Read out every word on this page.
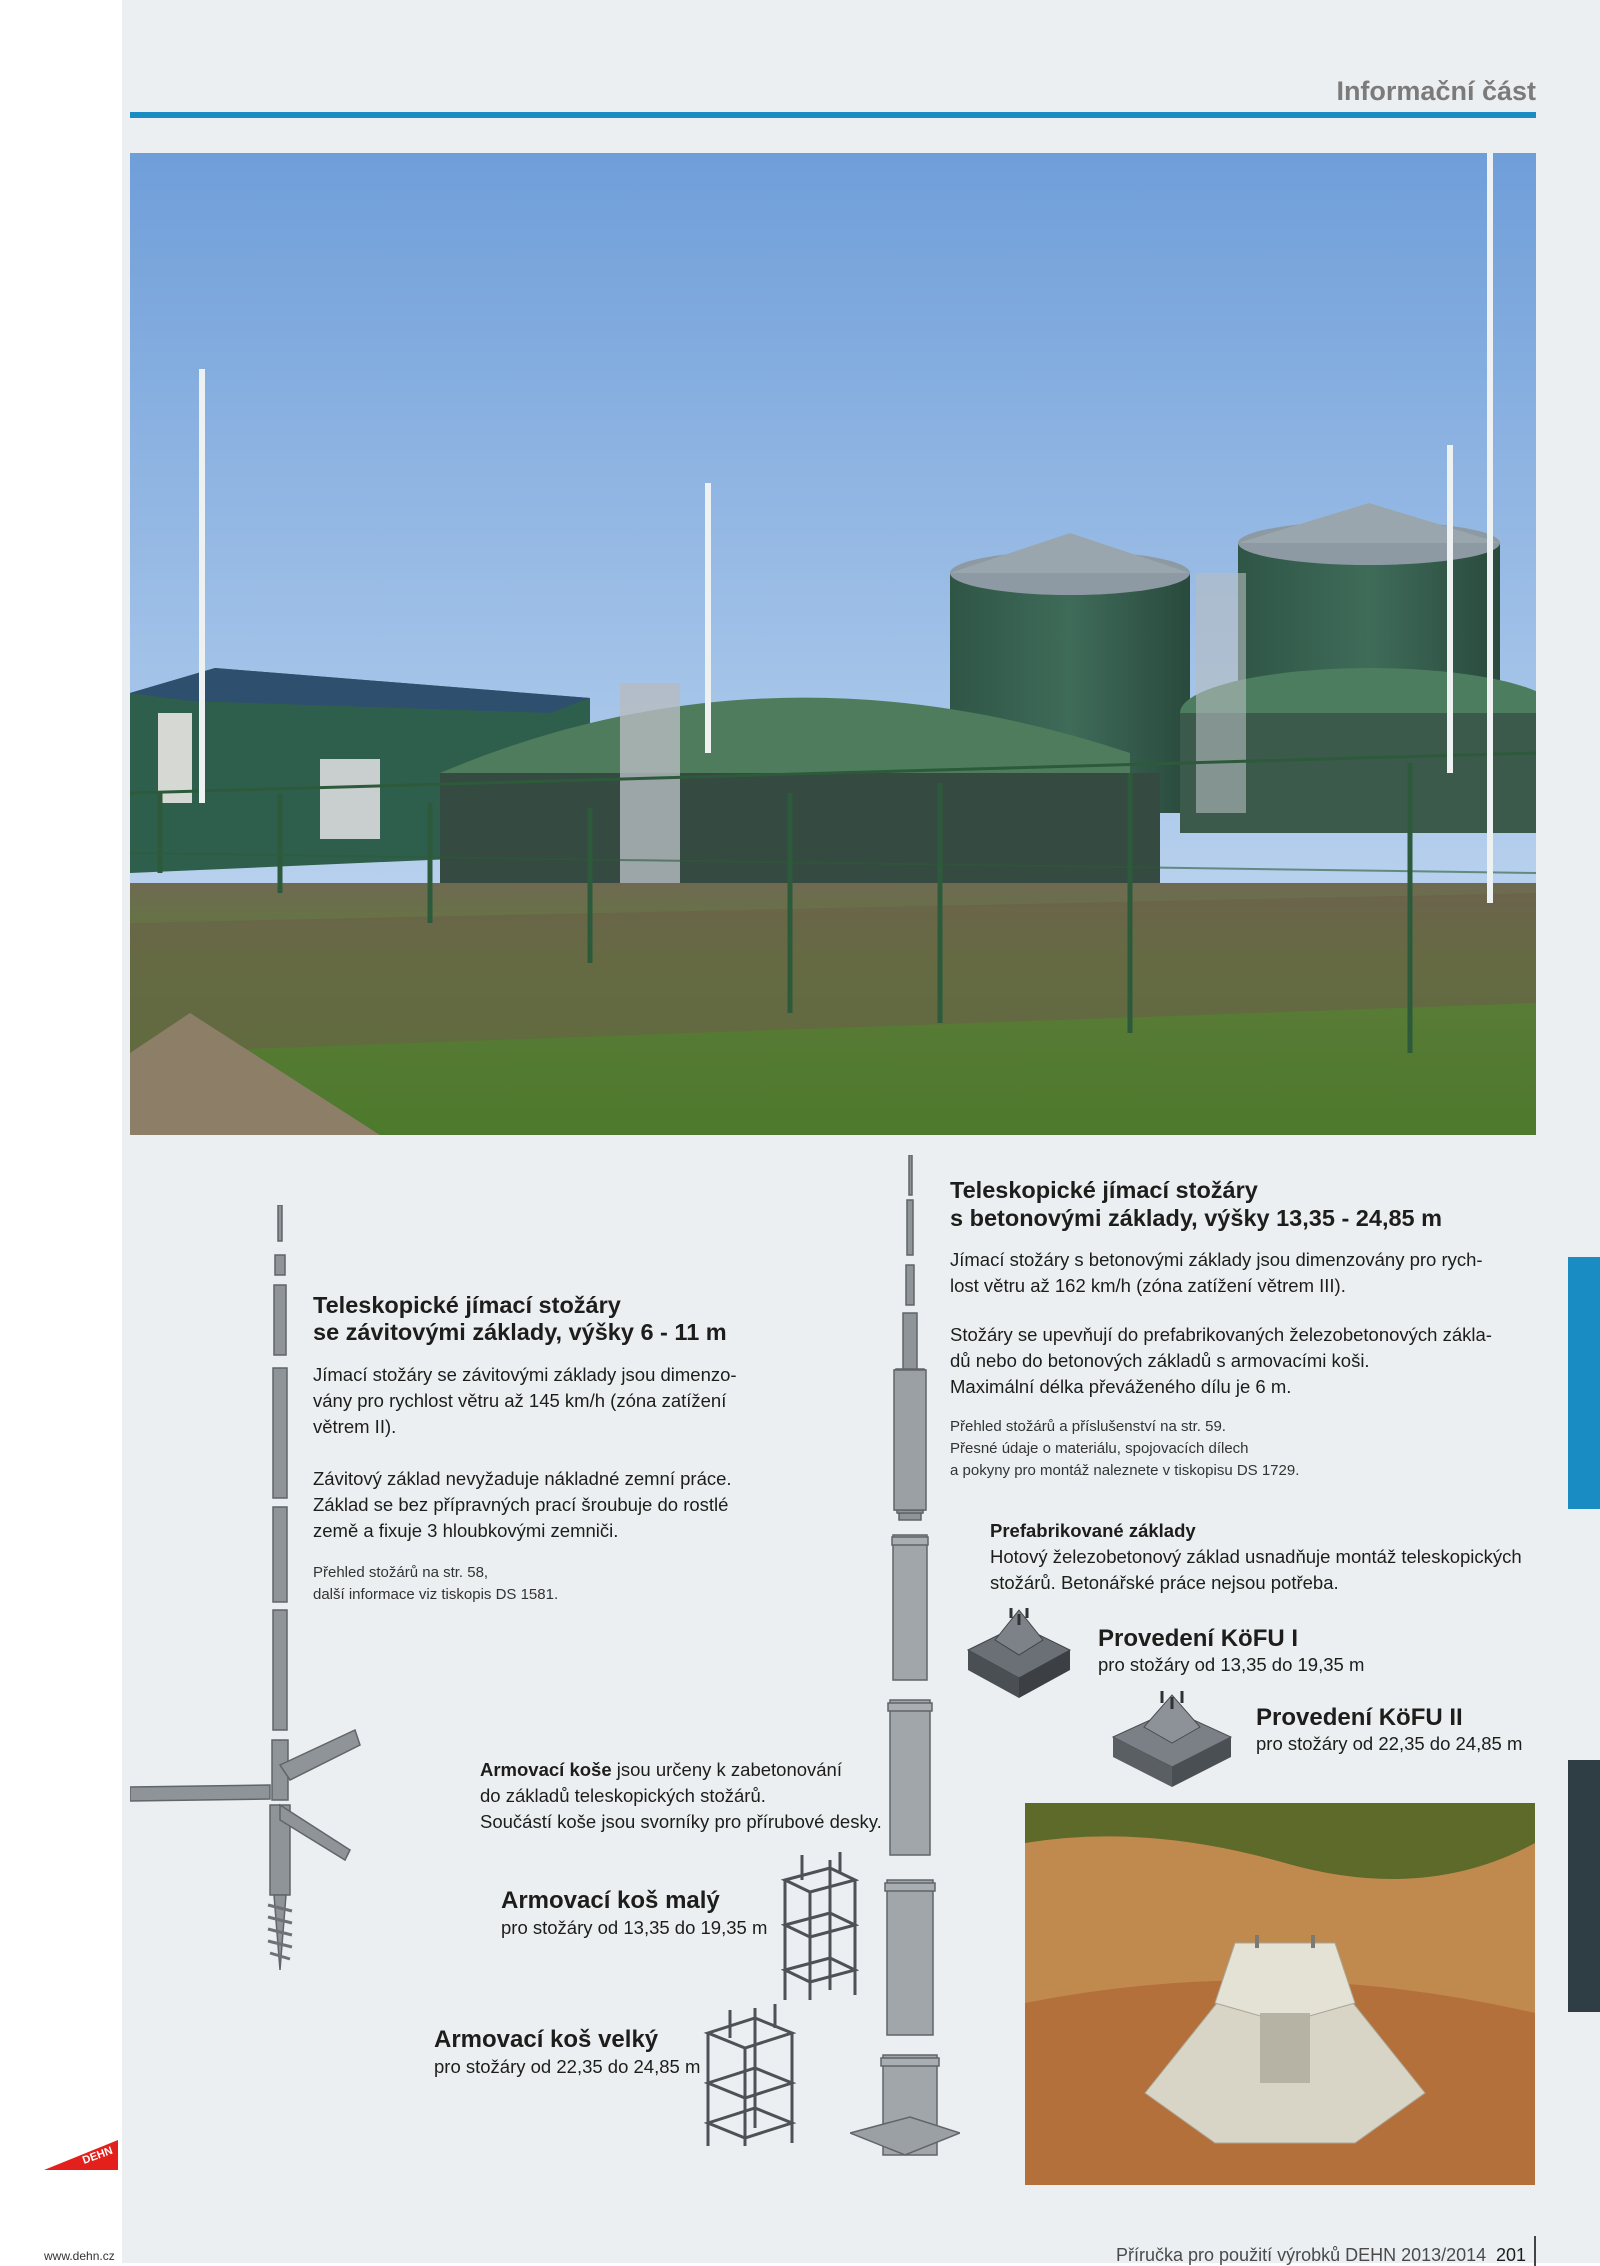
Informační část
Teleskopické jímací stožáry
se závitovými základy, výšky 6 - 11 m
Jímací stožáry se závitovými základy jsou dimenzo-
vány pro rychlost větru až 145 km/h (zóna zatížení
větrem II).
Závitový základ nevyžaduje nákladné zemní práce.
Základ se bez přípravných prací šroubuje do rostlé
země a fixuje 3 hloubkovými zemniči.
Přehled stožárů na str. 58,
další informace viz tiskopis DS 1581.
Teleskopické jímací stožáry
s betonovými základy, výšky 13,35 - 24,85 m
Jímací stožáry s betonovými základy jsou dimenzovány pro rych-
lost větru až 162 km/h (zóna zatížení větrem III).
Stožáry se upevňují do prefabrikovaných železobetonových zákla-
dů nebo do betonových základů s armovacími koši.
Maximální délka převáženého dílu je 6 m.
Přehled stožárů a příslušenství na str. 59.
Přesné údaje o materiálu, spojovacích dílech
a pokyny pro montáž naleznete v tiskopisu DS 1729.
Prefabrikované základy
Hotový železobetonový základ usnadňuje montáž teleskopických
stožárů. Betonářské práce nejsou potřeba.
Provedení KöFU I
pro stožáry od 13,35 do 19,35 m
Provedení KöFU II
pro stožáry od 22,35 do 24,85 m
Armovací koše jsou určeny k zabetonování
do základů teleskopických stožárů.
Součástí koše jsou svorníky pro přírubové desky.
Armovací koš malý
pro stožáry od 13,35 do 19,35 m
Armovací koš velký
pro stožáry od 22,35 do 24,85 m
DEHN
www.dehn.cz	Příručka pro použití výrobků DEHN 2013/2014 201
